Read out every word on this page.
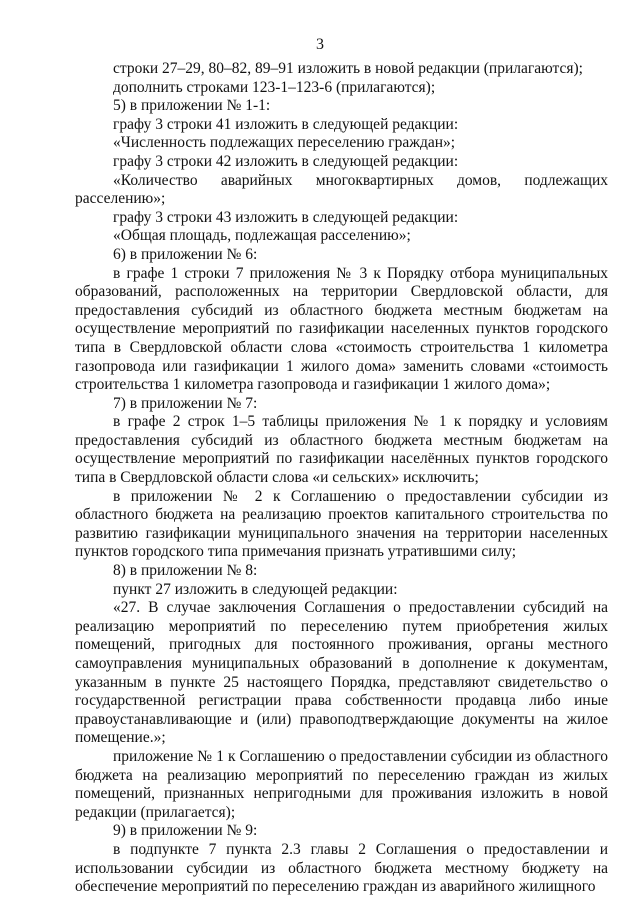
3

строки 27–29, 80–82, 89–91 изложить в новой редакции (прилагаются);

дополнить строками 123-1–123-6 (прилагаются);

5) в приложении № 1-1:

графу 3 строки 41 изложить в следующей редакции:

«Численность подлежащих переселению граждан»;

графу 3 строки 42 изложить в следующей редакции:

«Количество аварийных многоквартирных домов, подлежащих расселению»;

графу 3 строки 43 изложить в следующей редакции:

«Общая площадь, подлежащая расселению»;

6) в приложении № 6:

в графе 1 строки 7 приложения № 3 к Порядку отбора муниципальных образований, расположенных на территории Свердловской области, для предоставления субсидий из областного бюджета местным бюджетам на осуществление мероприятий по газификации населенных пунктов городского типа в Свердловской области слова «стоимость строительства 1 километра газопровода или газификации 1 жилого дома» заменить словами «стоимость строительства 1 километра газопровода и газификации 1 жилого дома»;

7) в приложении № 7:

в графе 2 строк 1–5 таблицы приложения № 1 к порядку и условиям предоставления субсидий из областного бюджета местным бюджетам на осуществление мероприятий по газификации населённых пунктов городского типа в Свердловской области слова «и сельских» исключить;

в приложении № 2 к Соглашению о предоставлении субсидии из областного бюджета на реализацию проектов капитального строительства по развитию газификации муниципального значения на территории населенных пунктов городского типа примечания признать утратившими силу;

8) в приложении № 8:

пункт 27 изложить в следующей редакции:

«27. В случае заключения Соглашения о предоставлении субсидий на реализацию мероприятий по переселению путем приобретения жилых помещений, пригодных для постоянного проживания, органы местного самоуправления муниципальных образований в дополнение к документам, указанным в пункте 25 настоящего Порядка, представляют свидетельство о государственной регистрации права собственности продавца либо иные правоустанавливающие и (или) правоподтверждающие документы на жилое помещение.»;

приложение № 1 к Соглашению о предоставлении субсидии из областного бюджета на реализацию мероприятий по переселению граждан из жилых помещений, признанных непригодными для проживания изложить в новой редакции (прилагается);

9) в приложении № 9:

в подпункте 7 пункта 2.3 главы 2 Соглашения о предоставлении и использовании субсидии из областного бюджета местному бюджету на обеспечение мероприятий по переселению граждан из аварийного жилищного
